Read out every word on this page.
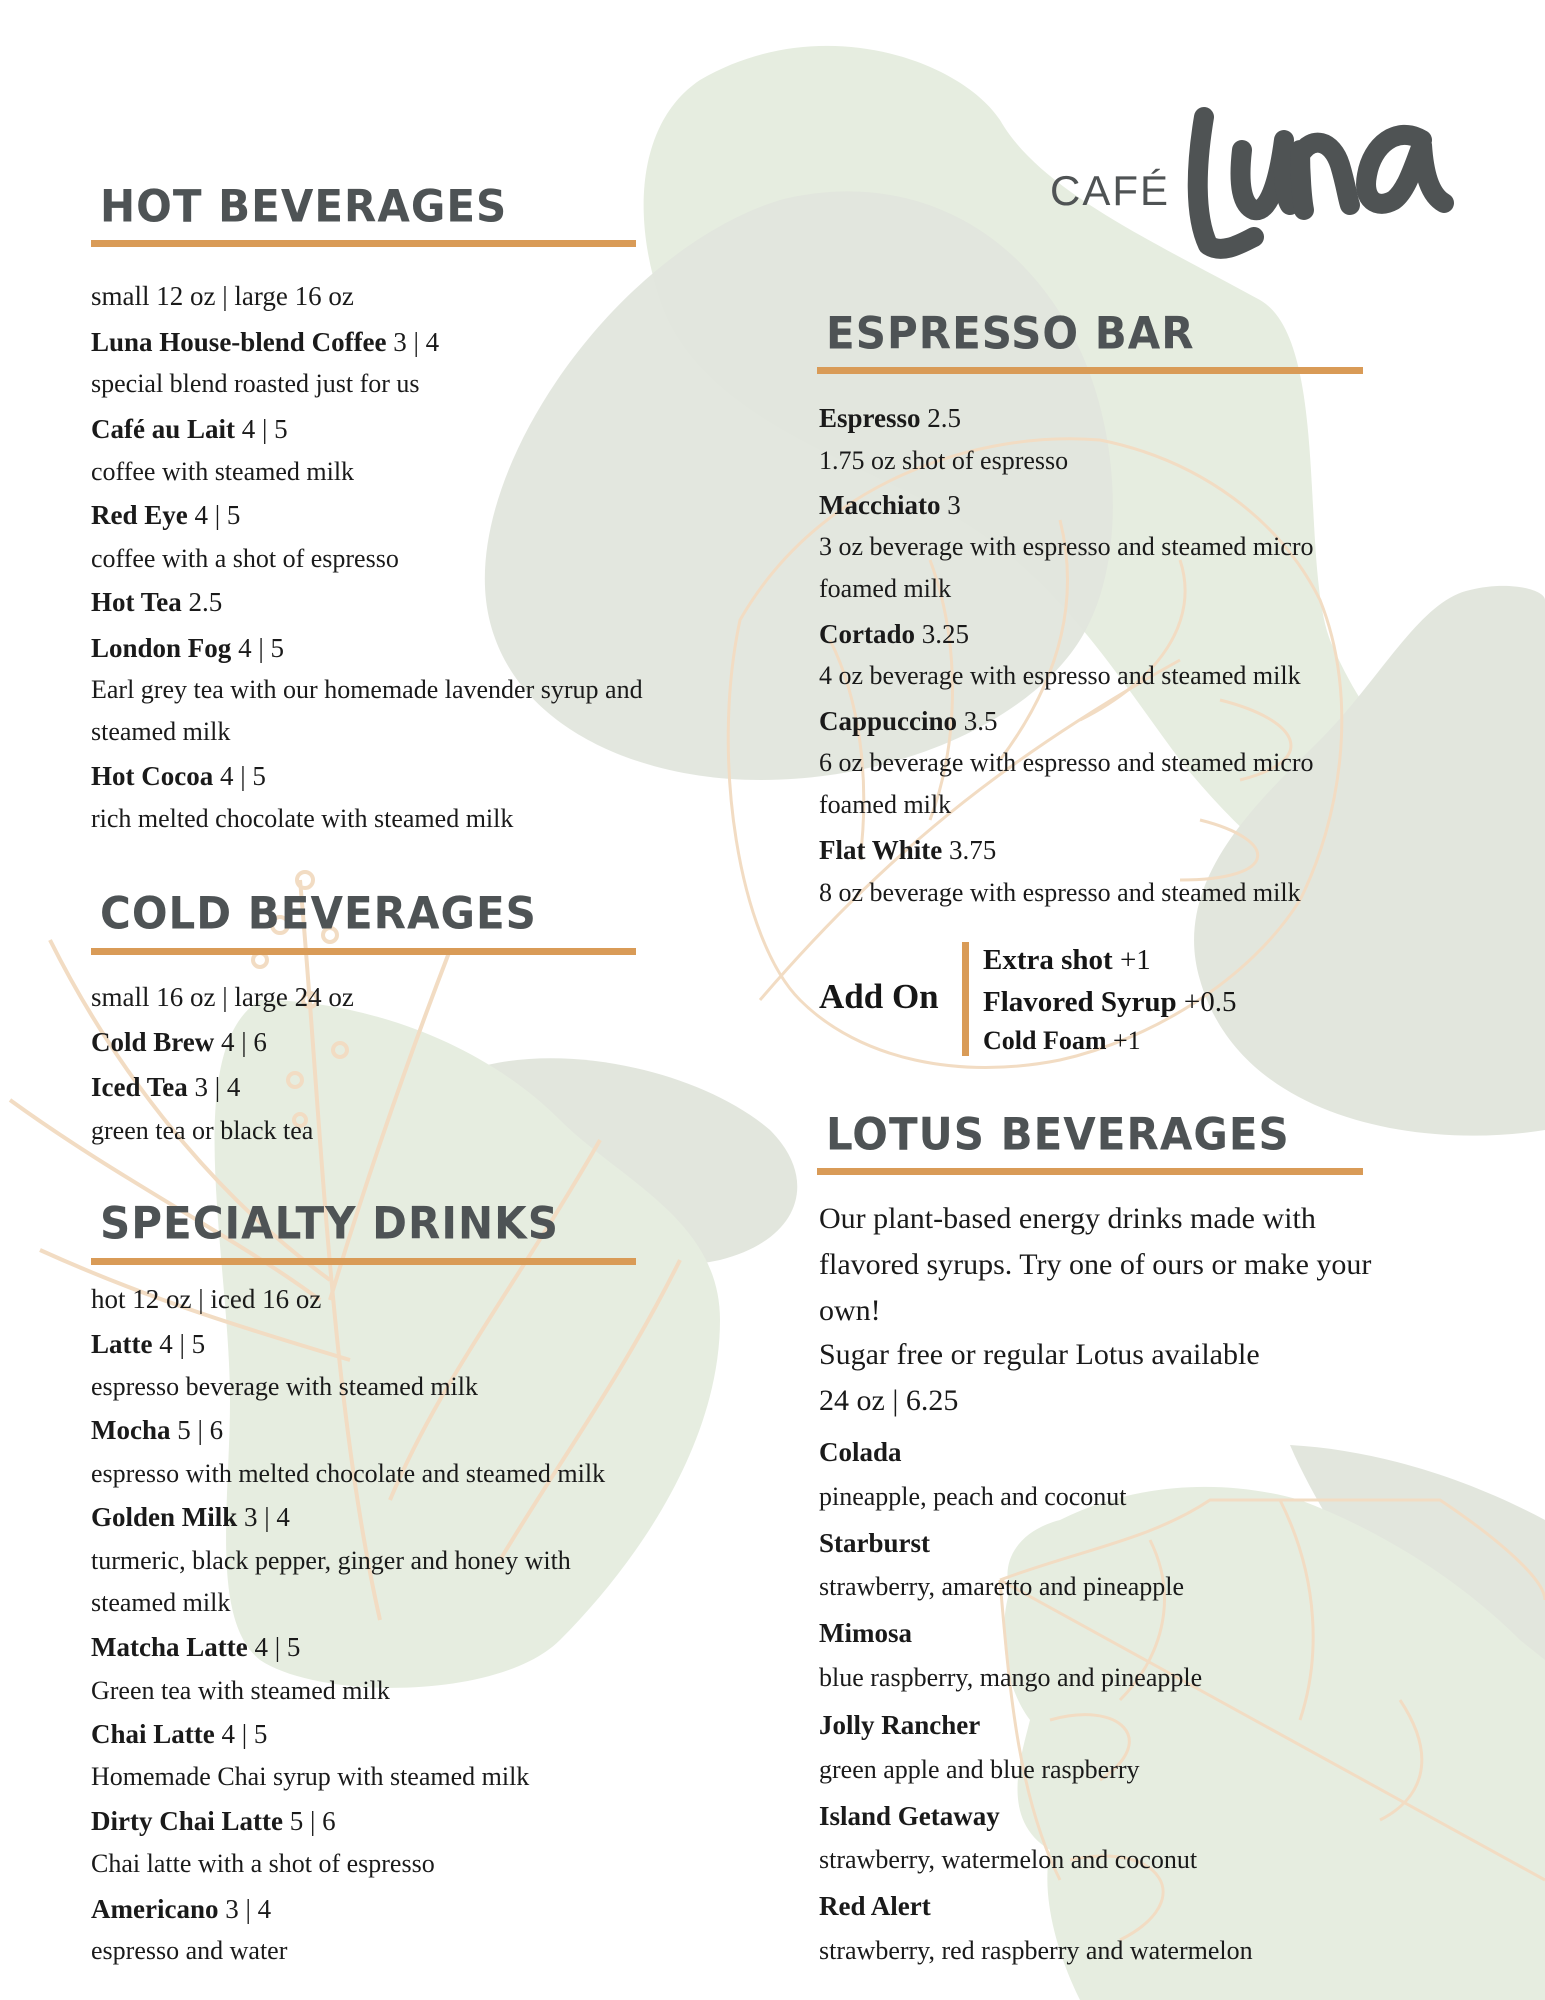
CAFÉ
HOT BEVERAGES
small 12 oz | large 16 oz
Luna House-blend Coffee 3 | 4
special blend roasted just for us
Café au Lait 4 | 5
coffee with steamed milk
Red Eye 4 | 5
coffee with a shot of espresso
Hot Tea 2.5
London Fog 4 | 5
Earl grey tea with our homemade lavender syrup and
steamed milk
Hot Cocoa 4 | 5
rich melted chocolate with steamed milk
COLD BEVERAGES
small 16 oz | large 24 oz
Cold Brew 4 | 6
Iced Tea 3 | 4
green tea or black tea
SPECIALTY DRINKS
hot 12 oz | iced 16 oz
Latte 4 | 5
espresso beverage with steamed milk
Mocha 5 | 6
espresso with melted chocolate and steamed milk
Golden Milk 3 | 4
turmeric, black pepper, ginger and honey with
steamed milk
Matcha Latte 4 | 5
Green tea with steamed milk
Chai Latte 4 | 5
Homemade Chai syrup with steamed milk
Dirty Chai Latte 5 | 6
Chai latte with a shot of espresso
Americano 3 | 4
espresso and water
ESPRESSO BAR
Espresso 2.5
1.75 oz shot of espresso
Macchiato 3
3 oz beverage with espresso and steamed micro
foamed milk
Cortado 3.25
4 oz beverage with espresso and steamed milk
Cappuccino 3.5
6 oz beverage with espresso and steamed micro
foamed milk
Flat White 3.75
8 oz beverage with espresso and steamed milk
Add On
Extra shot +1
Flavored Syrup +0.5
Cold Foam +1
LOTUS BEVERAGES
Our plant-based energy drinks made with
flavored syrups. Try one of ours or make your
own!
Sugar free or regular Lotus available
24 oz | 6.25
Colada
pineapple, peach and coconut
Starburst
strawberry, amaretto and pineapple
Mimosa
blue raspberry, mango and pineapple
Jolly Rancher
green apple and blue raspberry
Island Getaway
strawberry, watermelon and coconut
Red Alert
strawberry, red raspberry and watermelon
